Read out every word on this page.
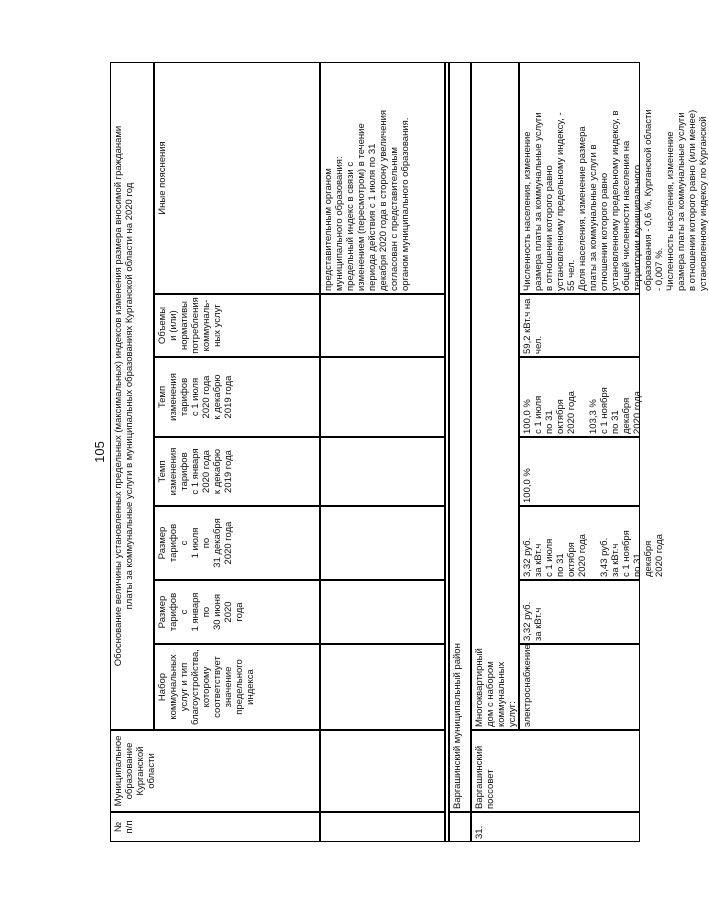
105
№
п/п
Муниципальное
образование
Курганской области
Обоснование величины установленных предельных (максимальных) индексов изменения размера вносимой гражданами
платы за коммунальные услуги в муниципальных образованиях Курганской области на 2020 год
Набор
коммунальных
услуг и тип
благоустройства,
которому
соответствует
значение
предельного
индекса
Размер
тарифов
с
1 января
по
30 июня
2020
года
Размер
тарифов
с
1 июля
по
31 декабря
2020 года
Темп
изменения
тарифов
с 1 января
2020 года
к декабрю
2019 года
Темп
изменения
тарифов
с 1 июля
2020 года
к декабрю
2019 года
Объемы
и (или)
нормативы
потребления
коммуналь-
ных услуг
Иные пояснения
представительным органом
муниципального образования:
предельный индекс в связи с
изменением (пересмотром) в течение
периода действия с 1 июля по 31
декабря 2020 года в сторону увеличения
согласован с представительным
органом муниципального образования.
Варгашинский муниципальный район
31.
Варгашинский
поссовет
Многоквартирный
дом с набором
коммунальных
услуг: электроснабжение
3,32 руб.
за кВт.ч
3,32 руб.
за кВт.ч
с 1 июля
по 31
октября
2020 года

3,43 руб.
за кВт.ч
с 1 ноября
по 31
декабря
2020 года
100,0 %
100,0 %
с 1 июля
по 31
октября
2020 года

103,3 %
с 1 ноября
по 31
декабря
2020 года
59,2 кВт.ч на
чел.
Численность населения, изменение
размера платы за коммунальные услуги
в отношении которого равно
установленному предельному индексу, -
55 чел.
Доля населения, изменение размера
платы за коммунальные услуги в
отношении которого равно
установленному предельному индексу, в
общей численности населения на
территории муниципального
образования - 0,6 %, Курганской области
- 0,007 %.
Численность населения, изменение
размера платы за коммунальные услуги
в отношении которого равно (или менее)
установленному индексу по Курганской
